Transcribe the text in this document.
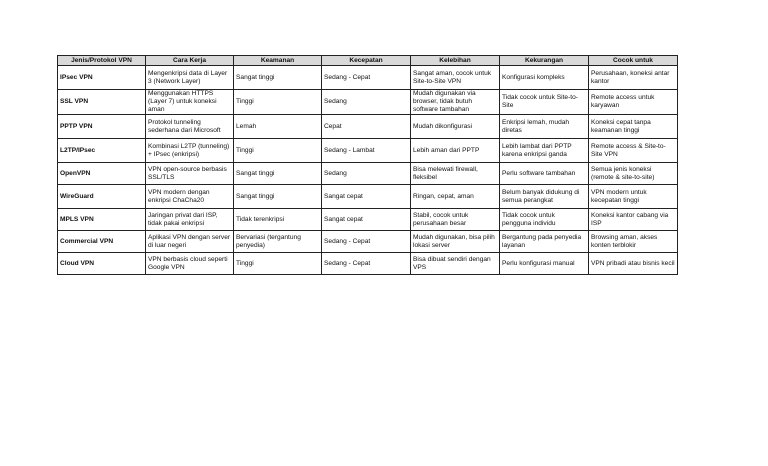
Jenis/Protokol VPN	Cara Kerja	Keamanan	Kecepatan	Kelebihan	Kekurangan	Cocok untuk
IPsec VPN	Mengenkripsi data di Layer 3 (Network Layer)	Sangat tinggi	Sedang - Cepat	Sangat aman, cocok untuk Site-to-Site VPN	Konfigurasi kompleks	Perusahaan, koneksi antar kantor
SSL VPN	Menggunakan HTTPS (Layer 7) untuk koneksi aman	Tinggi	Sedang	Mudah digunakan via browser, tidak butuh software tambahan	Tidak cocok untuk Site-to-Site	Remote access untuk karyawan
PPTP VPN	Protokol tunneling sederhana dari Microsoft	Lemah	Cepat	Mudah dikonfigurasi	Enkripsi lemah, mudah diretas	Koneksi cepat tanpa keamanan tinggi
L2TP/IPsec	Kombinasi L2TP (tunneling) + IPsec (enkripsi)	Tinggi	Sedang - Lambat	Lebih aman dari PPTP	Lebih lambat dari PPTP karena enkripsi ganda	Remote access & Site-to-Site VPN
OpenVPN	VPN open-source berbasis SSL/TLS	Sangat tinggi	Sedang	Bisa melewati firewall, fleksibel	Perlu software tambahan	Semua jenis koneksi (remote & site-to-site)
WireGuard	VPN modern dengan enkripsi ChaCha20	Sangat tinggi	Sangat cepat	Ringan, cepat, aman	Belum banyak didukung di semua perangkat	VPN modern untuk kecepatan tinggi
MPLS VPN	Jaringan privat dari ISP, tidak pakai enkripsi	Tidak terenkripsi	Sangat cepat	Stabil, cocok untuk perusahaan besar	Tidak cocok untuk pengguna individu	Koneksi kantor cabang via ISP
Commercial VPN	Aplikasi VPN dengan server di luar negeri	Bervariasi (tergantung penyedia)	Sedang - Cepat	Mudah digunakan, bisa pilih lokasi server	Bergantung pada penyedia layanan	Browsing aman, akses konten terblokir
Cloud VPN	VPN berbasis cloud seperti Google VPN	Tinggi	Sedang - Cepat	Bisa dibuat sendiri dengan VPS	Perlu konfigurasi manual	VPN pribadi atau bisnis kecil
